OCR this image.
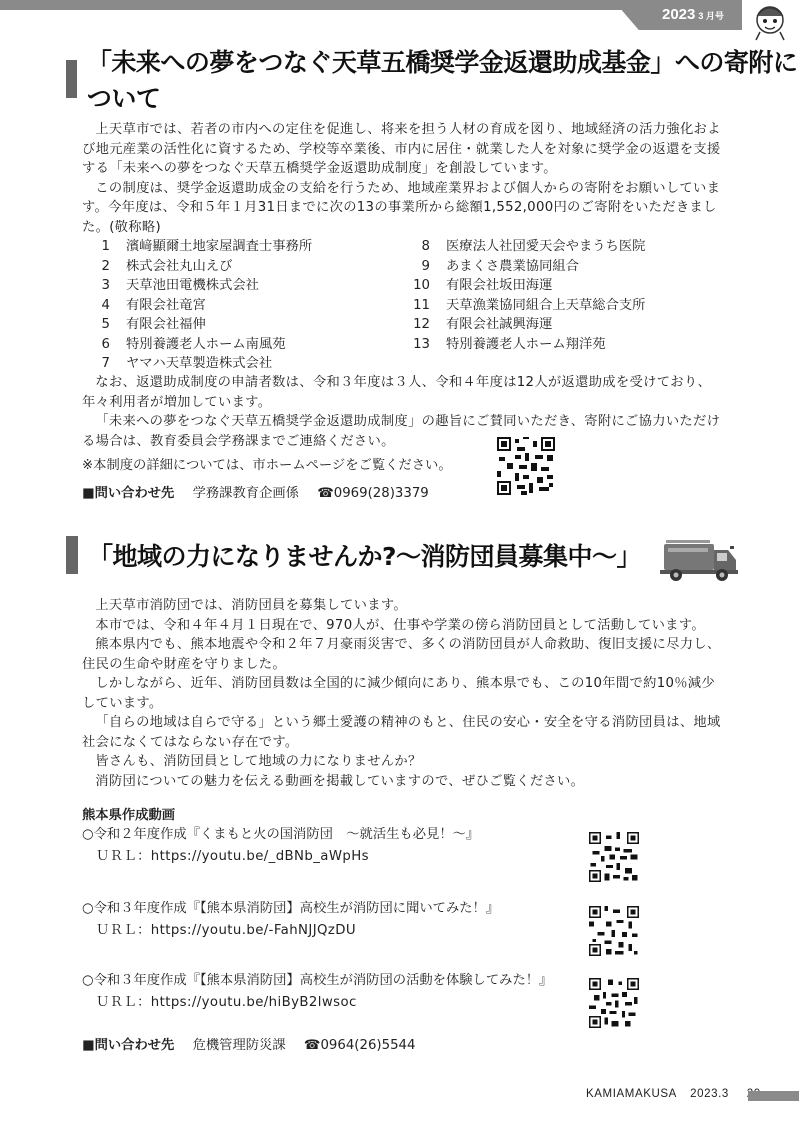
2023 3 月号
「未来への夢をつなぐ天草五橋奨学金返還助成基金」への寄附について

上天草市では、若者の市内への定住を促進し、将来を担う人材の育成を図り、地域経済の活力強化および地元産業の活性化に資するため、学校等卒業後、市内に居住・就業した人を対象に奨学金の返還を支援する「未来への夢をつなぐ天草五橋奨学金返還助成制度」を創設しています。

この制度は、奨学金返還助成金の支給を行うため、地域産業界および個人からの寄附をお願いしています。今年度は、令和５年１月31日までに次の13の事業所から総額1,552,000円のご寄附をいただきました。(敬称略)

1 濱﨑顯爾土地家屋調査士事務所
2 株式会社丸山えび
3 天草池田電機株式会社
4 有限会社竜宮
5 有限会社福伸
6 特別養護老人ホーム南風苑
7 ヤマハ天草製造株式会社
8 医療法人社団愛天会やまうち医院
9 あまくさ農業協同組合
10 有限会社坂田海運
11 天草漁業協同組合上天草総合支所
12 有限会社誠興海運
13 特別養護老人ホーム翔洋苑

なお、返還助成制度の申請者数は、令和３年度は３人、令和４年度は12人が返還助成を受けており、年々利用者が増加しています。

「未来への夢をつなぐ天草五橋奨学金返還助成制度」の趣旨にご賛同いただき、寄附にご協力いただける場合は、教育委員会学務課までご連絡ください。

※本制度の詳細については、市ホームページをご覧ください。
■問い合わせ先 学務課教育企画係 ☎0969(28)3379
「地域の力になりませんか?～消防団員募集中～」

上天草市消防団では、消防団員を募集しています。

本市では、令和４年４月１日現在で、970人が、仕事や学業の傍ら消防団員として活動しています。

熊本県内でも、熊本地震や令和２年７月豪雨災害で、多くの消防団員が人命救助、復旧支援に尽力し、住民の生命や財産を守りました。

しかしながら、近年、消防団員数は全国的に減少傾向にあり、熊本県でも、この10年間で約10％減少しています。

「自らの地域は自らで守る」という郷土愛護の精神のもと、住民の安心・安全を守る消防団員は、地域社会になくてはならない存在です。

皆さんも、消防団員として地域の力になりませんか？

消防団についての魅力を伝える動画を掲載していますので、ぜひご覧ください。

熊本県作成動画
○令和２年度作成『くまもと火の国消防団　～就活生も必見！～』
ＵＲＬ：https://youtu.be/_dBNb_aWpHs
○令和３年度作成『【熊本県消防団】高校生が消防団に聞いてみた！』
ＵＲＬ：https://youtu.be/-FahNJJQzDU
○令和３年度作成『【熊本県消防団】高校生が消防団の活動を体験してみた！』
ＵＲＬ：https://youtu.be/hiByB2lwsoc
■問い合わせ先 危機管理防災課 ☎0964(26)5544
KAMIAMAKUSA 2023.3
